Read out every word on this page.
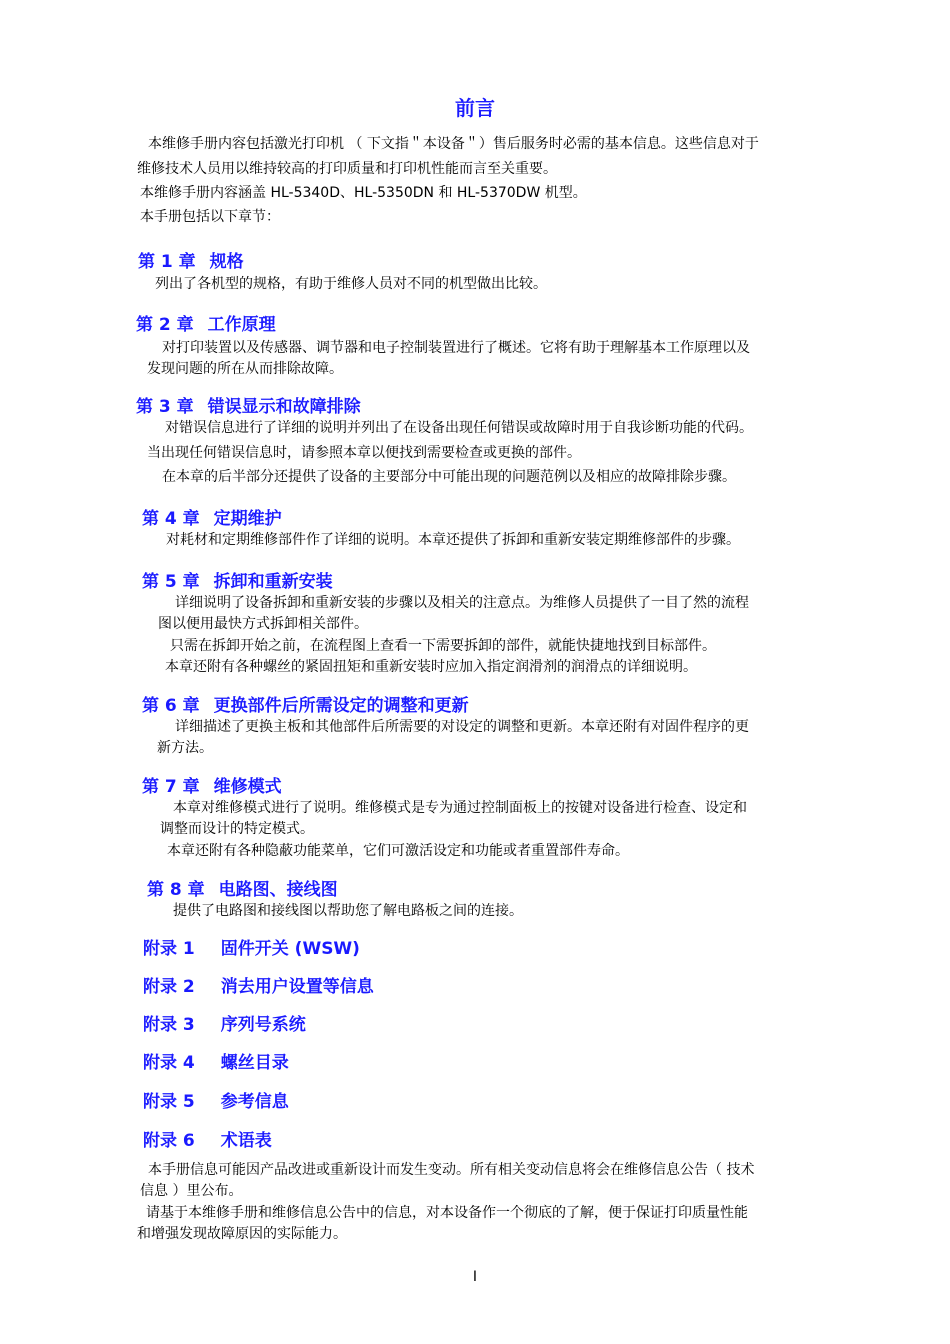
前言
本维修手册内容包括激光打印机 （ 下文指＂本设备＂）售后服务时必需的基本信息。这些信息对于
维修技术人员用以维持较高的打印质量和打印机性能而言至关重要。
本维修手册内容涵盖 HL-5340D、HL-5350DN 和 HL-5370DW 机型。
本手册包括以下章节：
第 1 章 规格
列出了各机型的规格，有助于维修人员对不同的机型做出比较。
第 2 章 工作原理
对打印装置以及传感器、调节器和电子控制装置进行了概述。它将有助于理解基本工作原理以及
发现问题的所在从而排除故障。
第 3 章 错误显示和故障排除
对错误信息进行了详细的说明并列出了在设备出现任何错误或故障时用于自我诊断功能的代码。
当出现任何错误信息时，请参照本章以便找到需要检查或更换的部件。
在本章的后半部分还提供了设备的主要部分中可能出现的问题范例以及相应的故障排除步骤。
第 4 章 定期维护
对耗材和定期维修部件作了详细的说明。本章还提供了拆卸和重新安装定期维修部件的步骤。
第 5 章 拆卸和重新安装
详细说明了设备拆卸和重新安装的步骤以及相关的注意点。为维修人员提供了一目了然的流程
图以便用最快方式拆卸相关部件。
只需在拆卸开始之前，在流程图上查看一下需要拆卸的部件，就能快捷地找到目标部件。
本章还附有各种螺丝的紧固扭矩和重新安装时应加入指定润滑剂的润滑点的详细说明。
第 6 章 更换部件后所需设定的调整和更新
详细描述了更换主板和其他部件后所需要的对设定的调整和更新。本章还附有对固件程序的更
新方法。
第 7 章 维修模式
本章对维修模式进行了说明。维修模式是专为通过控制面板上的按键对设备进行检查、设定和
调整而设计的特定模式。
本章还附有各种隐蔽功能菜单，它们可激活设定和功能或者重置部件寿命。
第 8 章 电路图、接线图
提供了电路图和接线图以帮助您了解电路板之间的连接。
附录 1 固件开关 (WSW)
附录 2 消去用户设置等信息
附录 3 序列号系统
附录 4 螺丝目录
附录 5 参考信息
附录 6 术语表
本手册信息可能因产品改进或重新设计而发生变动。所有相关变动信息将会在维修信息公告（ 技术
信息 ）里公布。
请基于本维修手册和维修信息公告中的信息，对本设备作一个彻底的了解，便于保证打印质量性能
和增强发现故障原因的实际能力。
I
